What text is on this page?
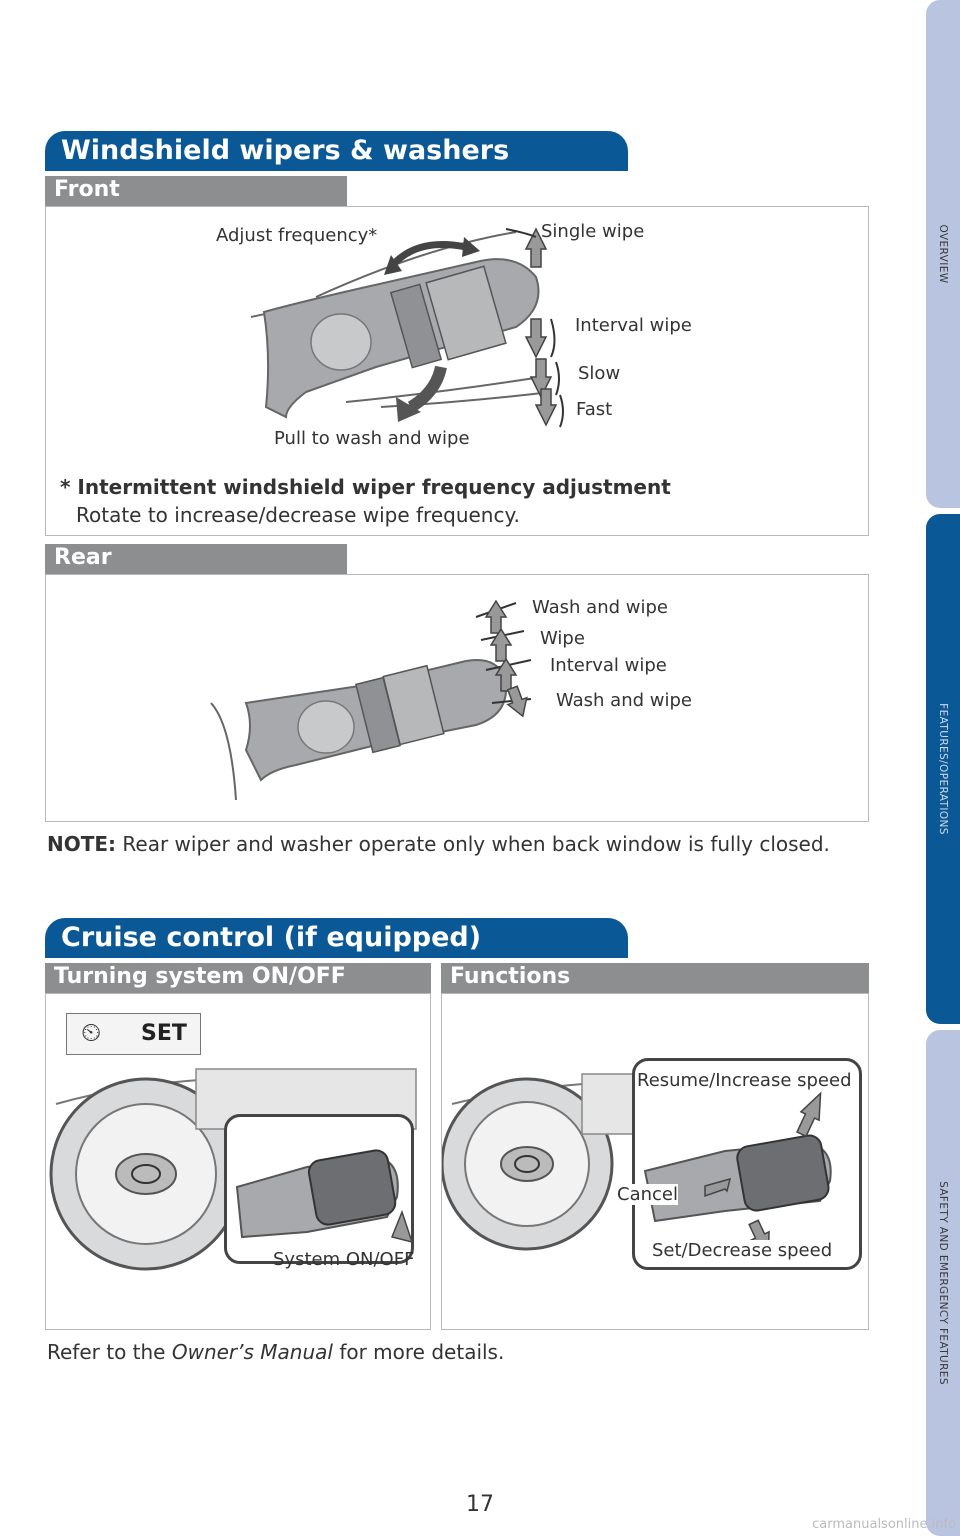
OVERVIEW
FEATURES/OPERATIONS
SAFETY AND EMERGENCY FEATURES
Windshield wipers & washers
Front
Adjust frequency*	Single wipe
Interval wipe
Slow
Fast
Pull to wash and wipe
* Intermittent windshield wiper frequency adjustment
Rotate to increase/decrease wipe frequency.
Rear
Wash and wipe
Wipe
Interval wipe
Wash and wipe
NOTE: Rear wiper and washer operate only when back window is fully closed.
Cruise control (if equipped)
Turning system ON/OFF	Functions
⏲ SET
System ON/OFF
Resume/Increase speed
Cancel
Set/Decrease speed
Refer to the Owner’s Manual for more details.
17
carmanualsonline.info
